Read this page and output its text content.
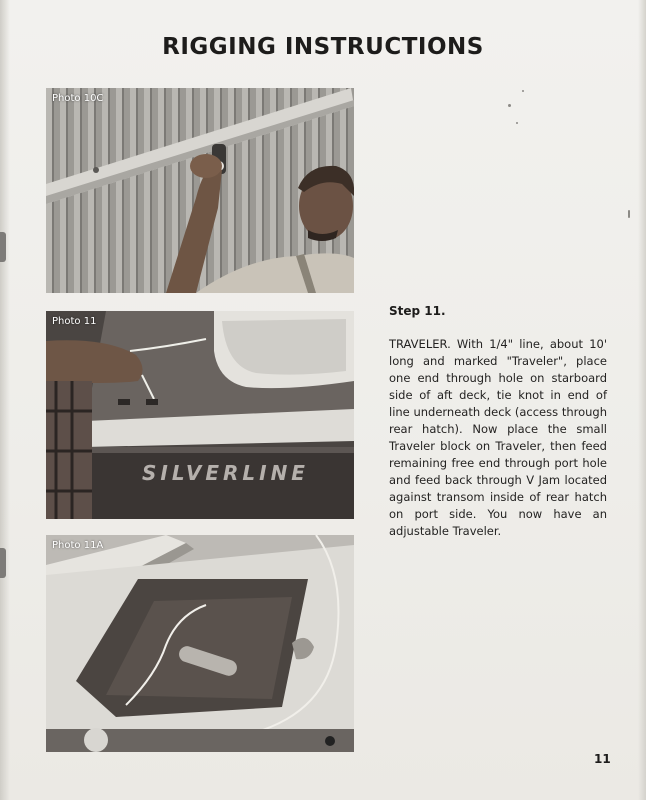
RIGGING INSTRUCTIONS
Photo 10C
Photo 11
SILVERLINE
Photo 11A
Step 11.
TRAVELER. With 1/4" line, about 10' long and marked "Traveler", place one end through hole on starboard side of aft deck, tie knot in end of line underneath deck (access through rear hatch). Now place the small Traveler block on Traveler, then feed remaining free end through port hole and feed back through V Jam located against transom inside of rear hatch on port side. You now have an adjustable Traveler.
11
